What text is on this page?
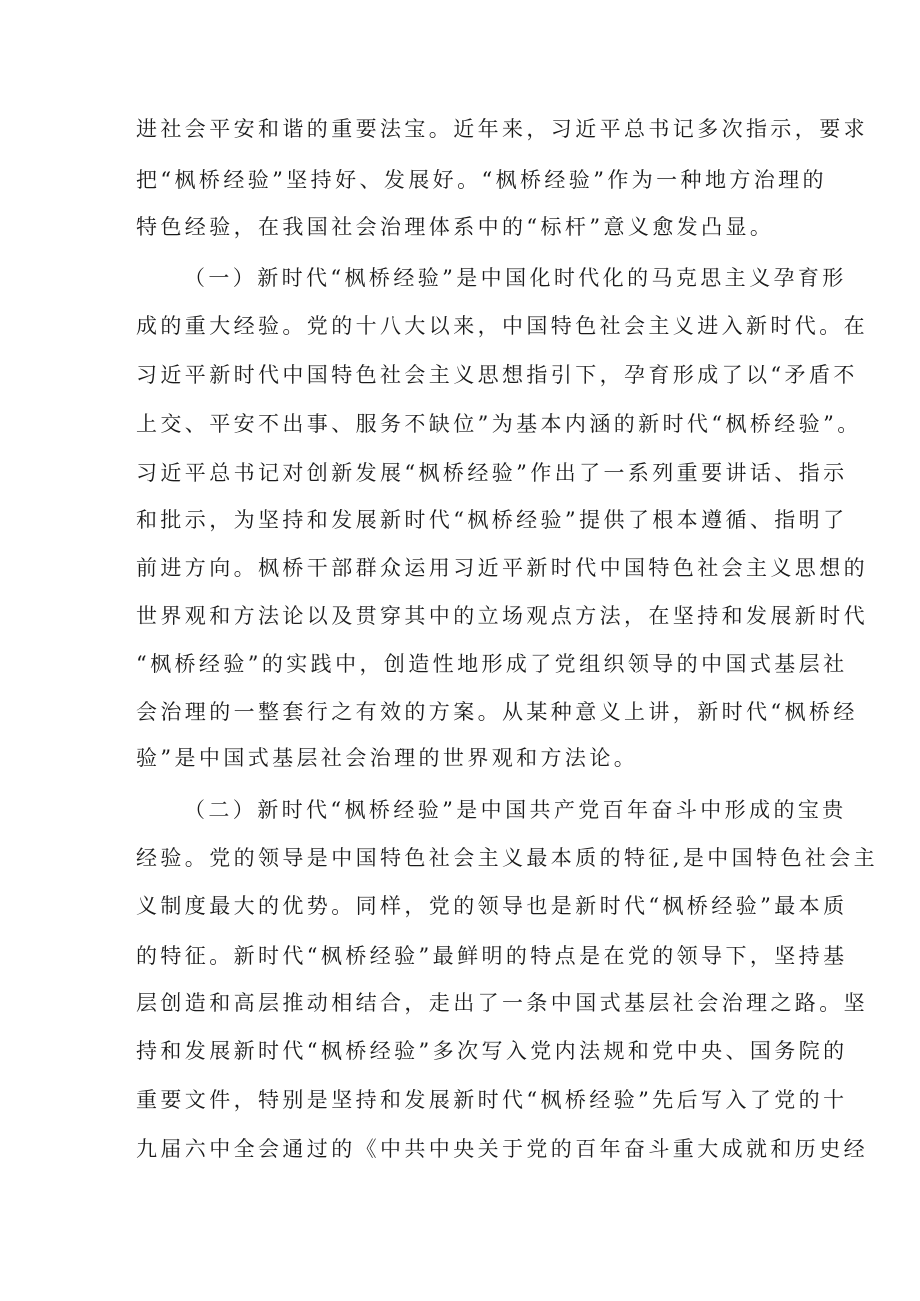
进社会平安和谐的重要法宝。近年来，习近平总书记多次指示，要求

把“枫桥经验”坚持好、发展好。“枫桥经验”作为一种地方治理的

特色经验，在我国社会治理体系中的“标杆”意义愈发凸显。

（一）新时代“枫桥经验”是中国化时代化的马克思主义孕育形

成的重大经验。党的十八大以来，中国特色社会主义进入新时代。在

习近平新时代中国特色社会主义思想指引下，孕育形成了以“矛盾不

上交、平安不出事、服务不缺位”为基本内涵的新时代“枫桥经验”。

习近平总书记对创新发展“枫桥经验”作出了一系列重要讲话、指示

和批示，为坚持和发展新时代“枫桥经验”提供了根本遵循、指明了

前进方向。枫桥干部群众运用习近平新时代中国特色社会主义思想的

世界观和方法论以及贯穿其中的立场观点方法，在坚持和发展新时代

“枫桥经验”的实践中，创造性地形成了党组织领导的中国式基层社

会治理的一整套行之有效的方案。从某种意义上讲，新时代“枫桥经

验”是中国式基层社会治理的世界观和方法论。

（二）新时代“枫桥经验”是中国共产党百年奋斗中形成的宝贵

经验。党的领导是中国特色社会主义最本质的特征,是中国特色社会主

义制度最大的优势。同样，党的领导也是新时代“枫桥经验”最本质

的特征。新时代“枫桥经验”最鲜明的特点是在党的领导下，坚持基

层创造和高层推动相结合，走出了一条中国式基层社会治理之路。坚

持和发展新时代“枫桥经验”多次写入党内法规和党中央、国务院的

重要文件，特别是坚持和发展新时代“枫桥经验”先后写入了党的十

九届六中全会通过的《中共中央关于党的百年奋斗重大成就和历史经
